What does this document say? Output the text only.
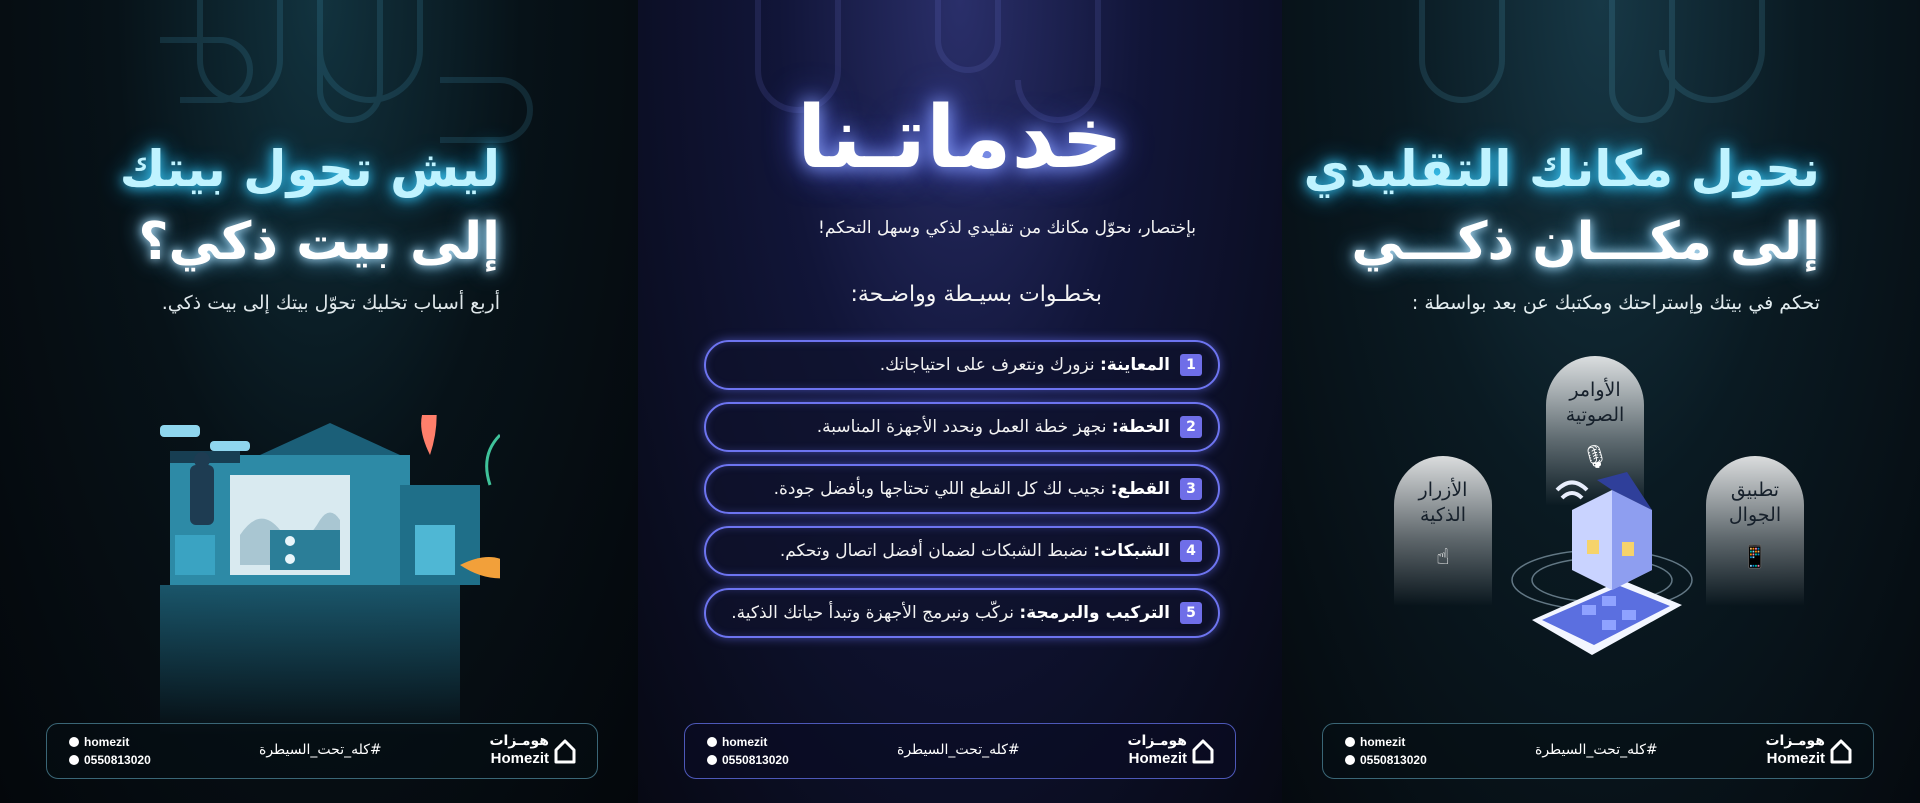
ليش تحول بيتك
إلى بيت ذكي؟
أربع أسباب تخليك تحوّل بيتك إلى بيت ذكي.
homezit
0550813020
#كله_تحت_السيطرة
هومـزات
Homezit
خدماتـنا
بإختصار، نحوّل مكانك من تقليدي لذكي وسهل التحكم!
بخطـوات بسيـطة وواضـحة:
1
المعاينة: نزورك ونتعرف على احتياجاتك.
2
الخطة: نجهز خطة العمل ونحدد الأجهزة المناسبة.
3
القطع: نجيب لك كل القطع اللي تحتاجها وبأفضل جودة.
4
الشبكات: نضبط الشبكات لضمان أفضل اتصال وتحكم.
5
التركيب والبرمجة: نركّب ونبرمج الأجهزة وتبدأ حياتك الذكية.
homezit
0550813020
#كله_تحت_السيطرة
هومـزات
Homezit
نحول مكانك التقليدي
إلى مكـــان ذكـــي
تحكم في بيتك وإستراحتك ومكتبك عن بعد بواسطة :
الأزرار الذكية
☝
الأوامر الصوتية
🎙
تطبيق الجوال
📱
homezit
0550813020
#كله_تحت_السيطرة
هومـزات
Homezit
